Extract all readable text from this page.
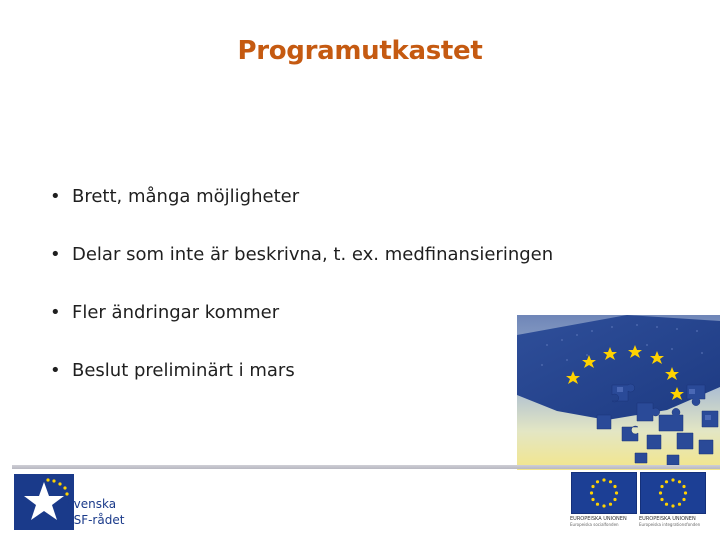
Programutkastet
• Brett, många möjligheter
• Delar som inte är beskrivna, t. ex. medfinansieringen
• Fler ändringar kommer
• Beslut preliminärt i mars
Svenska
ESF-rådet	EUROPEISKA UNIONEN
Europeiska socialfonden
EUROPEISKA UNIONEN
Europeiska integrationsfonden
